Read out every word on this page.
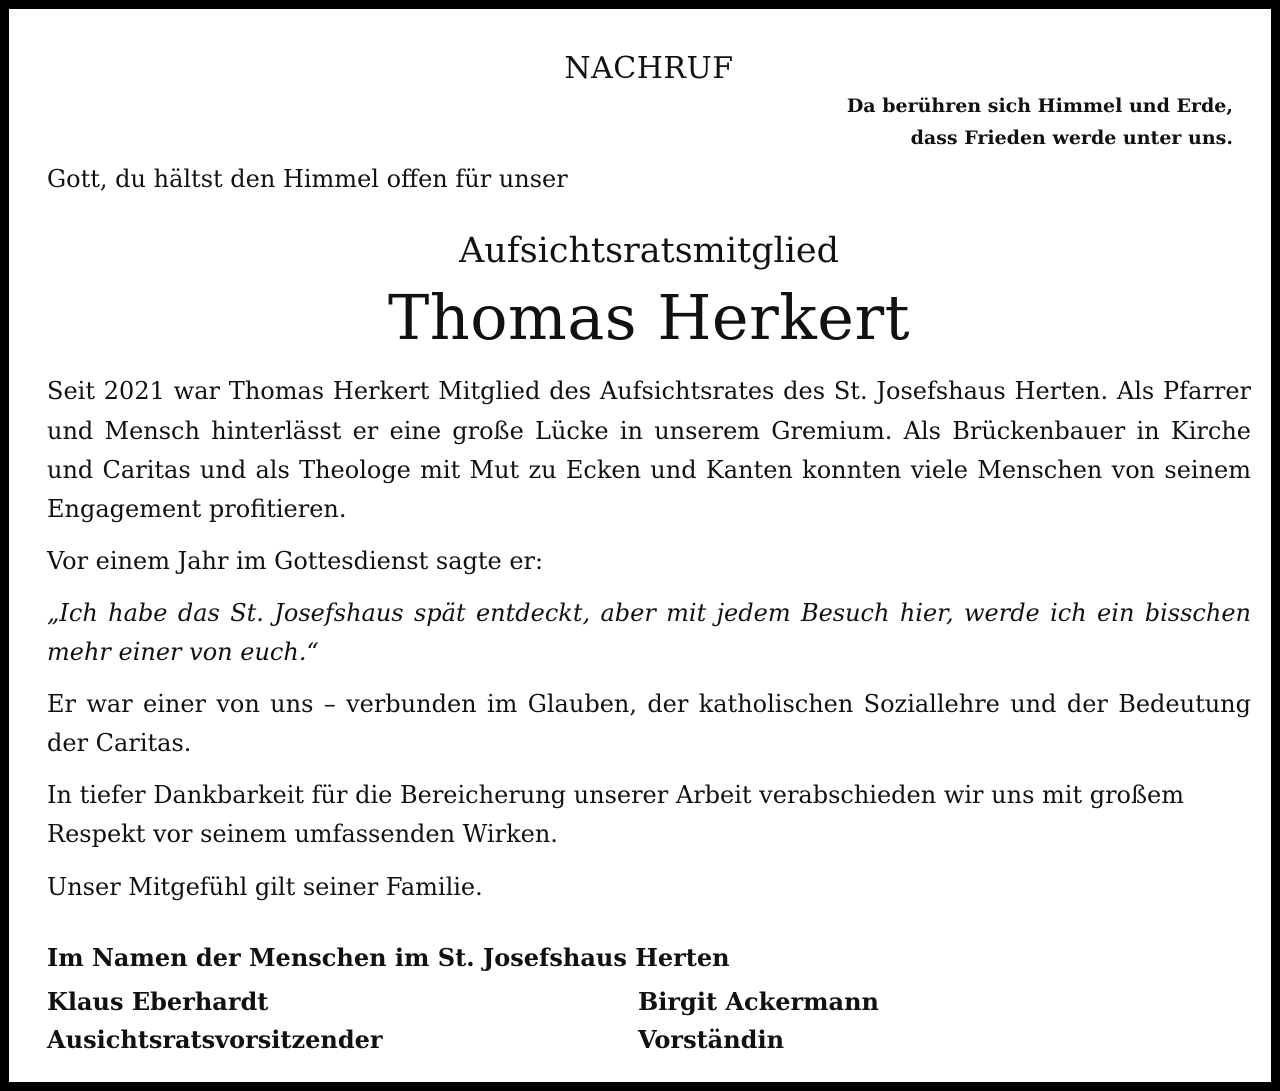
NACHRUF
Da berühren sich Himmel und Erde,
dass Frieden werde unter uns.
Gott, du hältst den Himmel offen für unser
Aufsichtsratsmitglied
Thomas Herkert
Seit 2021 war Thomas Herkert Mitglied des Aufsichtsrates des St. Josefshaus Herten. Als Pfarrer
und Mensch hinterlässt er eine große Lücke in unserem Gremium. Als Brückenbauer in Kirche
und Caritas und als Theologe mit Mut zu Ecken und Kanten konnten viele Menschen von seinem
Engagement profitieren.
Vor einem Jahr im Gottesdienst sagte er:
„Ich habe das St. Josefshaus spät entdeckt, aber mit jedem Besuch hier, werde ich ein bisschen
mehr einer von euch.“
Er war einer von uns – verbunden im Glauben, der katholischen Soziallehre und der Bedeutung
der Caritas.
In tiefer Dankbarkeit für die Bereicherung unserer Arbeit verabschieden wir uns mit großem
Respekt vor seinem umfassenden Wirken.
Unser Mitgefühl gilt seiner Familie.
Im Namen der Menschen im St. Josefshaus Herten
Klaus Eberhardt
Ausichtsratsvorsitzender
Birgit Ackermann
Vorständin
